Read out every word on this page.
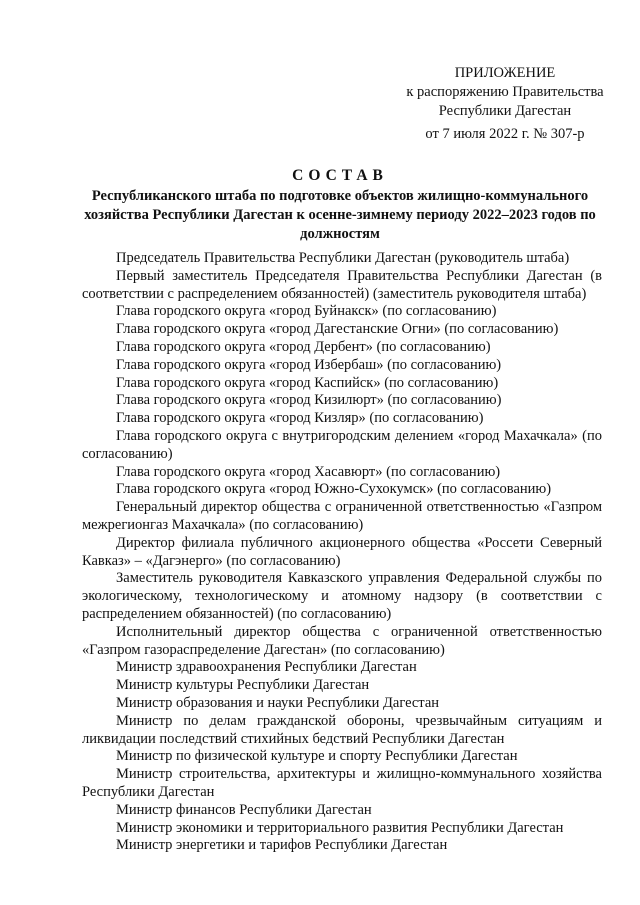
ПРИЛОЖЕНИЕ
к распоряжению Правительства
Республики Дагестан
от 7 июля 2022 г. № 307-р
СОСТАВ
Республиканского штаба по подготовке объектов жилищно-коммунального хозяйства Республики Дагестан к осенне-зимнему периоду 2022–2023 годов по должностям

Председатель Правительства Республики Дагестан (руководитель штаба)

Первый заместитель Председателя Правительства Республики Дагестан (в соответствии с распределением обязанностей) (заместитель руководителя штаба)

Глава городского округа «город Буйнакск» (по согласованию)

Глава городского округа «город Дагестанские Огни» (по согласованию)

Глава городского округа «город Дербент» (по согласованию)

Глава городского округа «город Избербаш» (по согласованию)

Глава городского округа «город Каспийск» (по согласованию)

Глава городского округа «город Кизилюрт» (по согласованию)

Глава городского округа «город Кизляр» (по согласованию)

Глава городского округа с внутригородским делением «город Махачкала» (по согласованию)

Глава городского округа «город Хасавюрт» (по согласованию)

Глава городского округа «город Южно-Сухокумск» (по согласованию)

Генеральный директор общества с ограниченной ответственностью «Газпром межрегионгаз Махачкала» (по согласованию)

Директор филиала публичного акционерного общества «Россети Северный Кавказ» – «Дагэнерго» (по согласованию)

Заместитель руководителя Кавказского управления Федеральной службы по экологическому, технологическому и атомному надзору (в соответствии с распределением обязанностей) (по согласованию)

Исполнительный директор общества с ограниченной ответственностью «Газпром газораспределение Дагестан» (по согласованию)

Министр здравоохранения Республики Дагестан

Министр культуры Республики Дагестан

Министр образования и науки Республики Дагестан

Министр по делам гражданской обороны, чрезвычайным ситуациям и ликвидации последствий стихийных бедствий Республики Дагестан

Министр по физической культуре и спорту Республики Дагестан

Министр строительства, архитектуры и жилищно-коммунального хозяйства Республики Дагестан

Министр финансов Республики Дагестан

Министр экономики и территориального развития Республики Дагестан

Министр энергетики и тарифов Республики Дагестан
